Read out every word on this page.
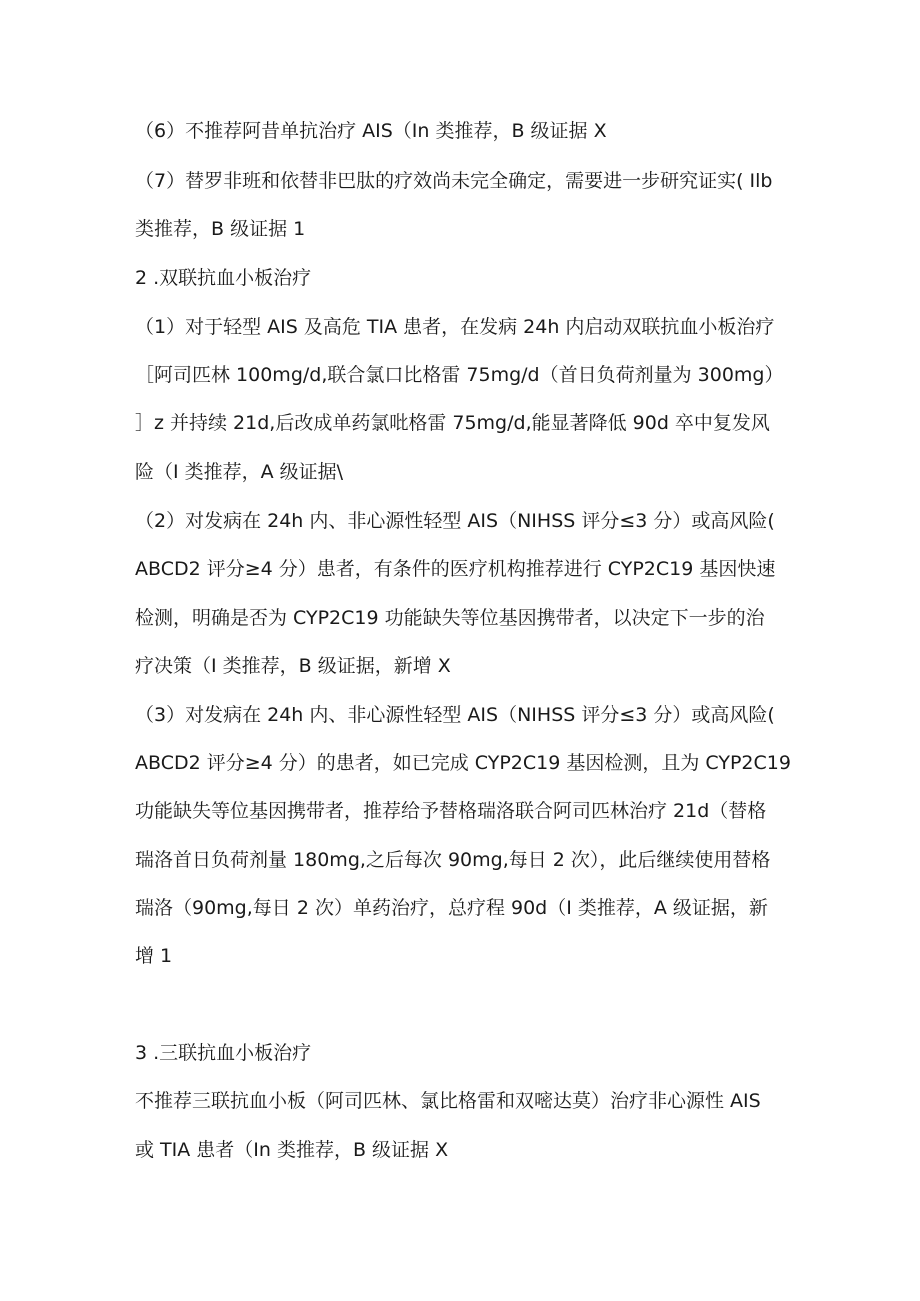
（6）不推荐阿昔单抗治疗 AIS（In 类推荐，B 级证据 X
（7）替罗非班和依替非巴肽的疗效尚未完全确定，需要进一步研究证实( Ilb
类推荐，B 级证据 1
2 .双联抗血小板治疗
（1）对于轻型 AIS 及高危 TIA 患者，在发病 24h 内启动双联抗血小板治疗
［阿司匹林 100mg/d,联合氯口比格雷 75mg/d（首日负荷剂量为 300mg）
］z 并持续 21d,后改成单药氯吡格雷 75mg/d,能显著降低 90d 卒中复发风
险（I 类推荐，A 级证据\
（2）对发病在 24h 内、非心源性轻型 AIS（NIHSS 评分≤3 分）或高风险(
ABCD2 评分≥4 分）患者，有条件的医疗机构推荐进行 CYP2C19 基因快速
检测，明确是否为 CYP2C19 功能缺失等位基因携带者，以决定下一步的治
疗决策（I 类推荐，B 级证据，新增 X
（3）对发病在 24h 内、非心源性轻型 AIS（NIHSS 评分≤3 分）或高风险(
ABCD2 评分≥4 分）的患者，如已完成 CYP2C19 基因检测，且为 CYP2C19
功能缺失等位基因携带者，推荐给予替格瑞洛联合阿司匹林治疗 21d（替格
瑞洛首日负荷剂量 180mg,之后每次 90mg,每日 2 次），此后继续使用替格
瑞洛（90mg,每日 2 次）单药治疗，总疗程 90d（I 类推荐，A 级证据，新
增 1
3 .三联抗血小板治疗
不推荐三联抗血小板（阿司匹林、氯比格雷和双嘧达莫）治疗非心源性 AIS
或 TIA 患者（In 类推荐，B 级证据 X
